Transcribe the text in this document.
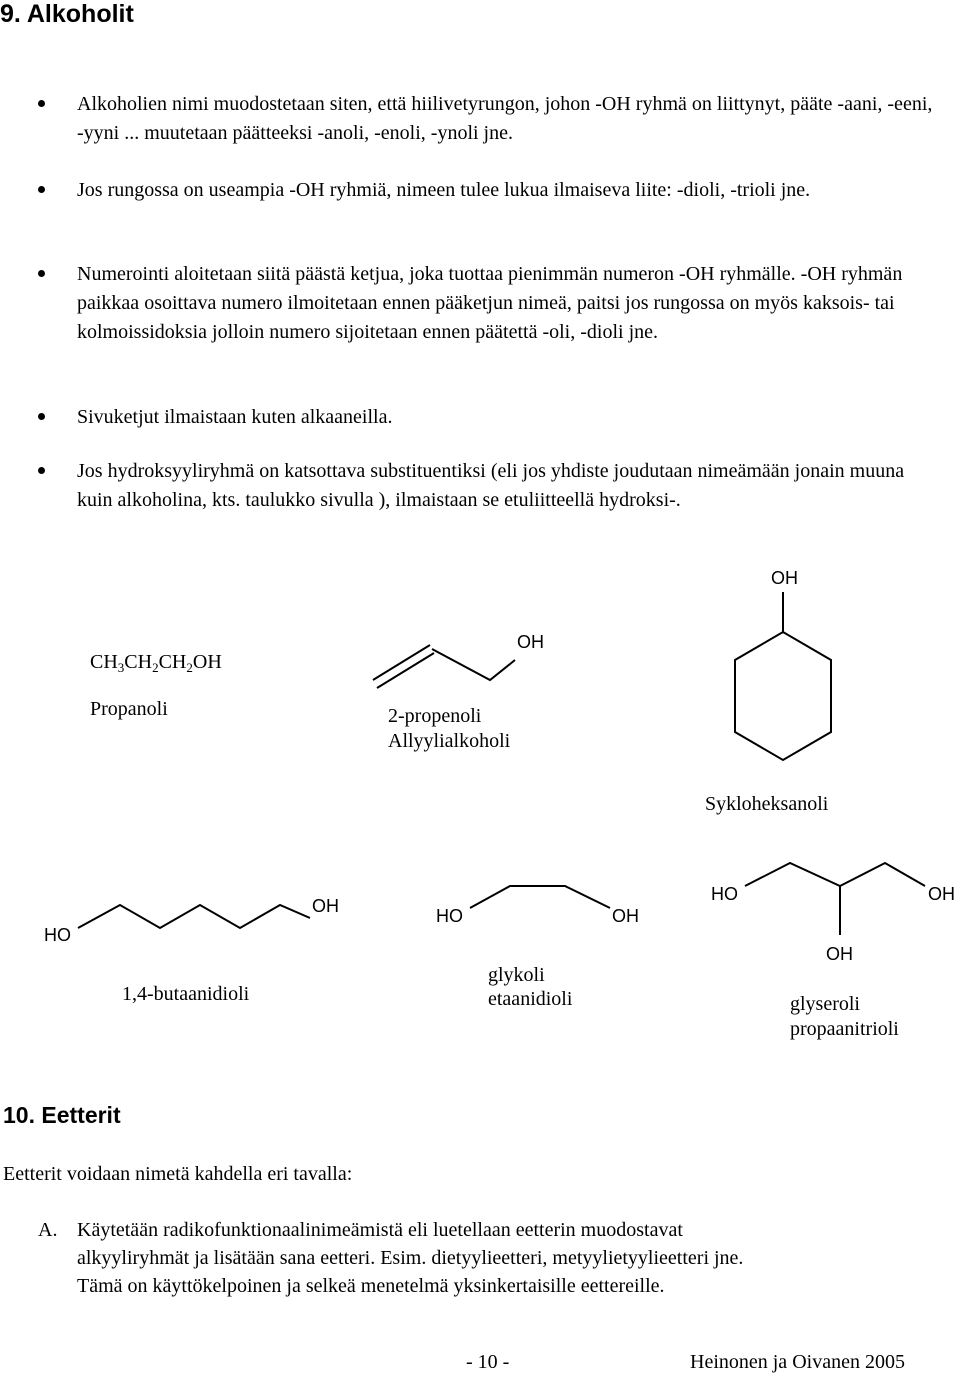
9. Alkoholit
Alkoholien nimi muodostetaan siten, että hiilivetyrungon, johon -OH ryhmä on liittynyt, pääte -aani, -eeni, -yyni ... muutetaan päätteeksi -anoli, -enoli, -ynoli jne.
Jos rungossa on useampia -OH ryhmiä, nimeen tulee lukua ilmaiseva liite: -dioli, -trioli jne.
Numerointi aloitetaan siitä päästä ketjua, joka tuottaa pienimmän numeron -OH ryhmälle. -OH ryhmän paikkaa osoittava numero ilmoitetaan ennen pääketjun nimeä, paitsi jos rungossa on myös kaksois- tai kolmoissidoksia jolloin numero sijoitetaan ennen päätettä -oli, -dioli jne.
Sivuketjut ilmaistaan kuten alkaaneilla.
Jos hydroksyyliryhmä on katsottava substituentiksi (eli jos yhdiste joudutaan nimeämään jonain muuna kuin alkoholina, kts. taulukko sivulla ), ilmaistaan se etuliitteellä hydroksi-.
$CH_3CH_2CH_2OH$
Propanoli
OH
2-propenoli
Allyylialkoholi
OH
Sykloheksanoli
HO
OH
1,4-butaanidioli
HO	OH
glykoli
etaanidioli
HO	OH
OH
glyseroli
propaanitrioli
10. Eetterit
Eetterit voidaan nimetä kahdella eri tavalla:
A. Käytetään radikofunktionaalinimeämistä eli luetellaan eetterin muodostavat
alkyyliryhmät ja lisätään sana eetteri. Esim. dietyylieetteri, metyylietyylieetteri jne.
Tämä on käyttökelpoinen ja selkeä menetelmä yksinkertaisille eettereille.
- 10 -	Heinonen ja Oivanen 2005
